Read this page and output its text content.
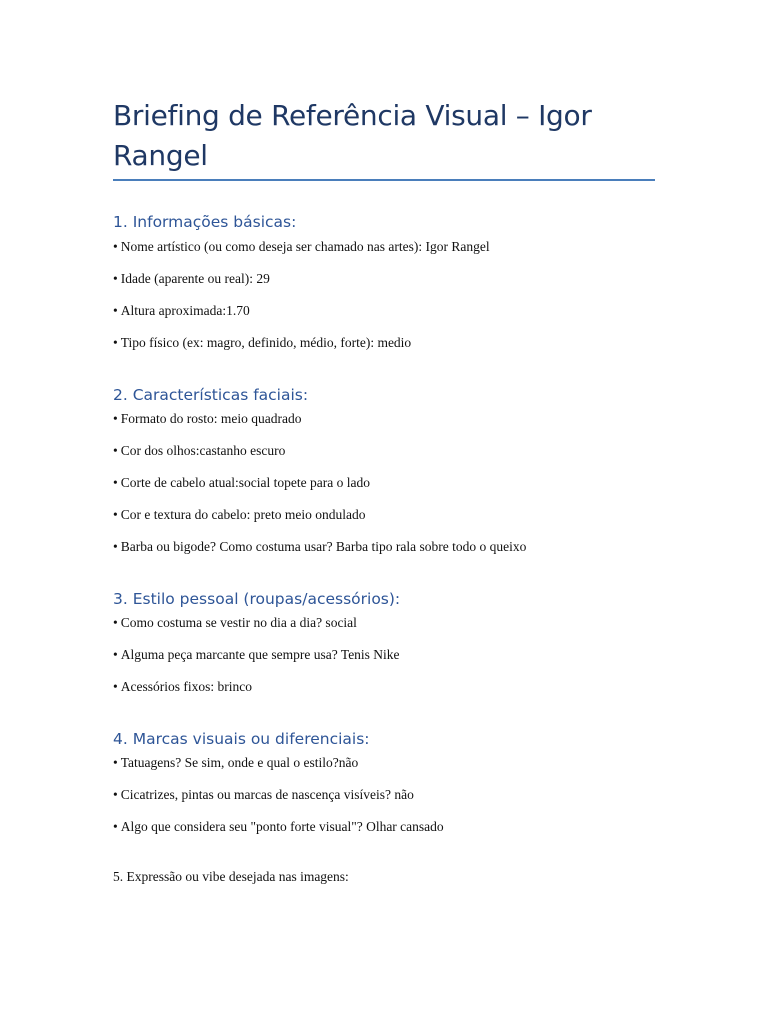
Briefing de Referência Visual – Igor Rangel
1. Informações básicas:

• Nome artístico (ou como deseja ser chamado nas artes): Igor Rangel

• Idade (aparente ou real): 29

• Altura aproximada:1.70

• Tipo físico (ex: magro, definido, médio, forte): medio

2. Características faciais:

• Formato do rosto: meio quadrado

• Cor dos olhos:castanho escuro

• Corte de cabelo atual:social topete para o lado

• Cor e textura do cabelo: preto meio ondulado

• Barba ou bigode? Como costuma usar? Barba tipo rala sobre todo o queixo

3. Estilo pessoal (roupas/acessórios):

• Como costuma se vestir no dia a dia? social

• Alguma peça marcante que sempre usa? Tenis Nike

• Acessórios fixos: brinco

4. Marcas visuais ou diferenciais:

• Tatuagens? Se sim, onde e qual o estilo?não

• Cicatrizes, pintas ou marcas de nascença visíveis? não

• Algo que considera seu "ponto forte visual"? Olhar cansado

5. Expressão ou vibe desejada nas imagens:
